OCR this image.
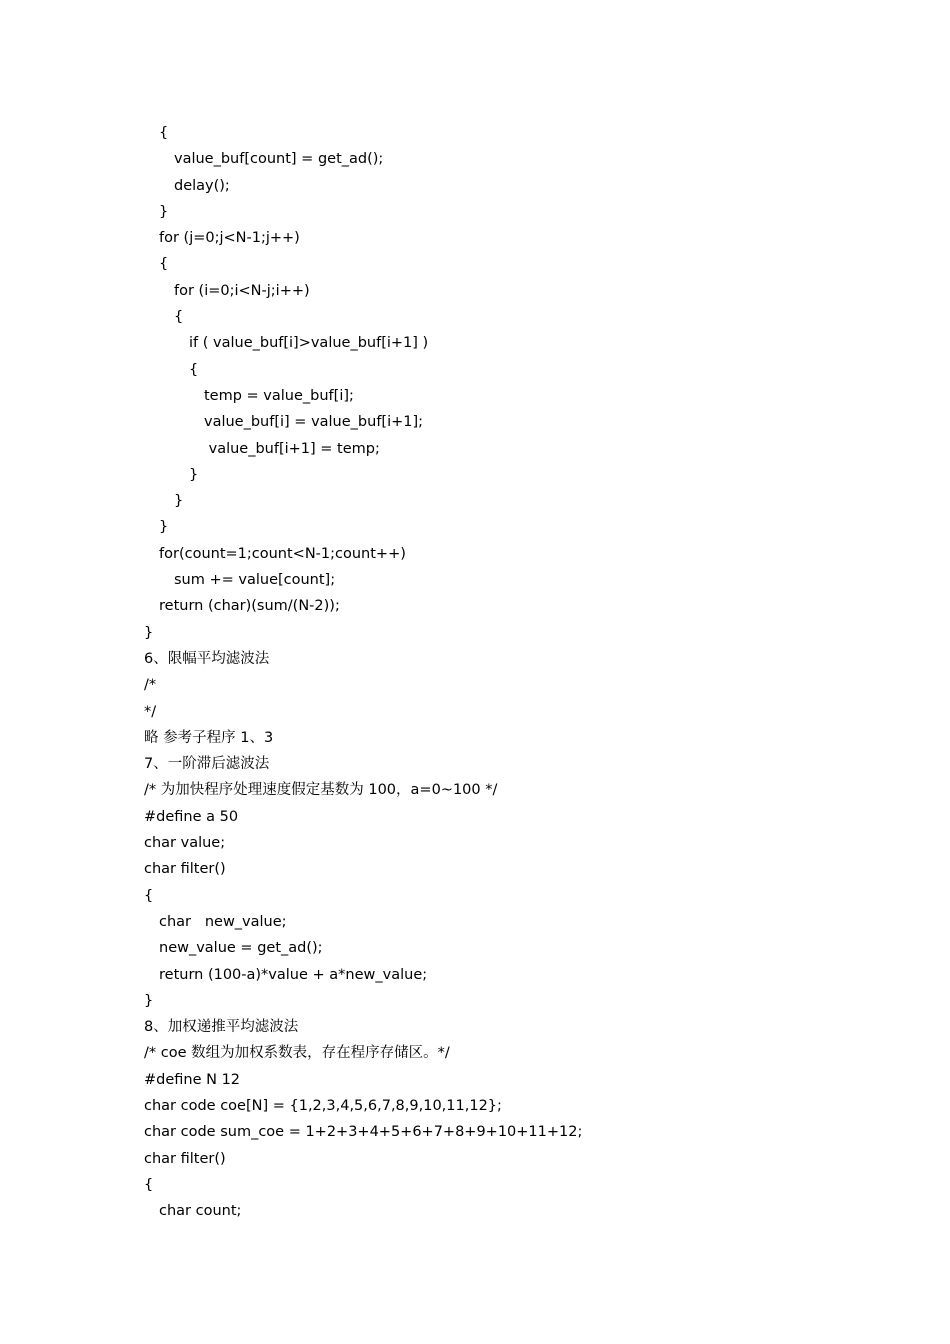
{
value_buf[count] = get_ad();
delay();
}
for (j=0;j<N-1;j++)
{
for (i=0;i<N-j;i++)
{
if ( value_buf[i]>value_buf[i+1] )
{
temp = value_buf[i];
value_buf[i] = value_buf[i+1];
value_buf[i+1] = temp;
}
}
}
for(count=1;count<N-1;count++)
sum += value[count];
return (char)(sum/(N-2));
}
6、限幅平均滤波法
/*
*/
略 参考子程序 1、3
7、一阶滞后滤波法
/* 为加快程序处理速度假定基数为 100，a=0~100 */
#define a 50
char value;
char filter()
{
char   new_value;
new_value = get_ad();
return (100-a)*value + a*new_value;
}
8、加权递推平均滤波法
/* coe 数组为加权系数表，存在程序存储区。*/
#define N 12
char code coe[N] = {1,2,3,4,5,6,7,8,9,10,11,12};
char code sum_coe = 1+2+3+4+5+6+7+8+9+10+11+12;
char filter()
{
char count;
